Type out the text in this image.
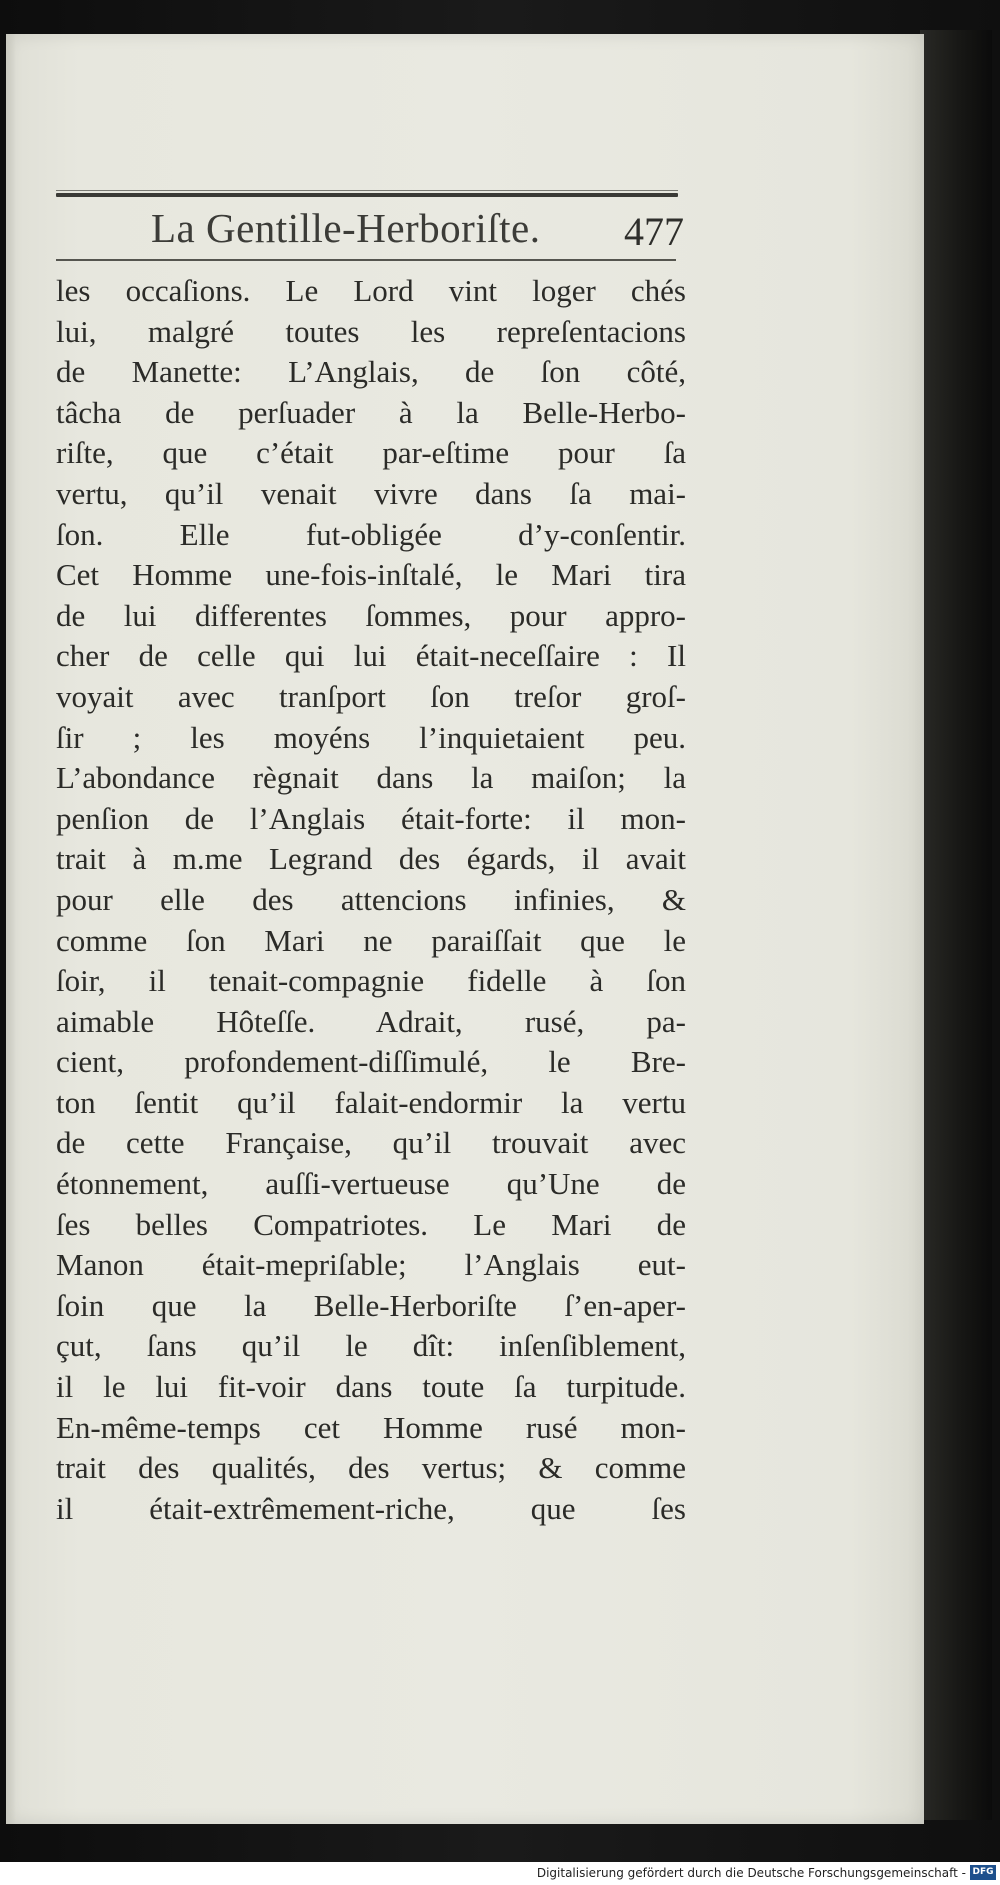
La Gentille-Herboriſte. 477
les occaſions. Le Lord vint loger chés
lui, malgré toutes les repreſentacions
de Manette: L’Anglais, de ſon côté,
tâcha de perſuader à la Belle-Herbo-
riſte, que c’était par-eſtime pour ſa
vertu, qu’il venait vivre dans ſa mai-
ſon. Elle fut-obligée d’y-conſentir.
Cet Homme une-fois-inſtalé, le Mari tira
de lui differentes ſommes, pour appro-
cher de celle qui lui était-neceſſaire : Il
voyait avec tranſport ſon treſor groſ-
ſir ; les moyéns l’inquietaient peu.
L’abondance règnait dans la maiſon; la
penſion de l’Anglais était-forte: il mon-
trait à m.me Legrand des égards, il avait
pour elle des attencions infinies, &
comme ſon Mari ne paraiſſait que le
ſoir, il tenait-compagnie fidelle à ſon
aimable Hôteſſe. Adrait, rusé, pa-
cient, profondement-diſſimulé, le Bre-
ton ſentit qu’il falait-endormir la vertu
de cette Française, qu’il trouvait avec
étonnement, auſſi-vertueuse qu’Une de
ſes belles Compatriotes. Le Mari de
Manon était-mepriſable; l’Anglais eut-
ſoin que la Belle-Herboriſte ſ’en-aper-
çut, ſans qu’il le dît: inſenſiblement,
il le lui fit-voir dans toute ſa turpitude.
En-même-temps cet Homme rusé mon-
trait des qualités, des vertus; & comme
il était-extrêmement-riche, que ſes
Digitalisierung gefördert durch die Deutsche Forschungsgemeinschaft - DFG
